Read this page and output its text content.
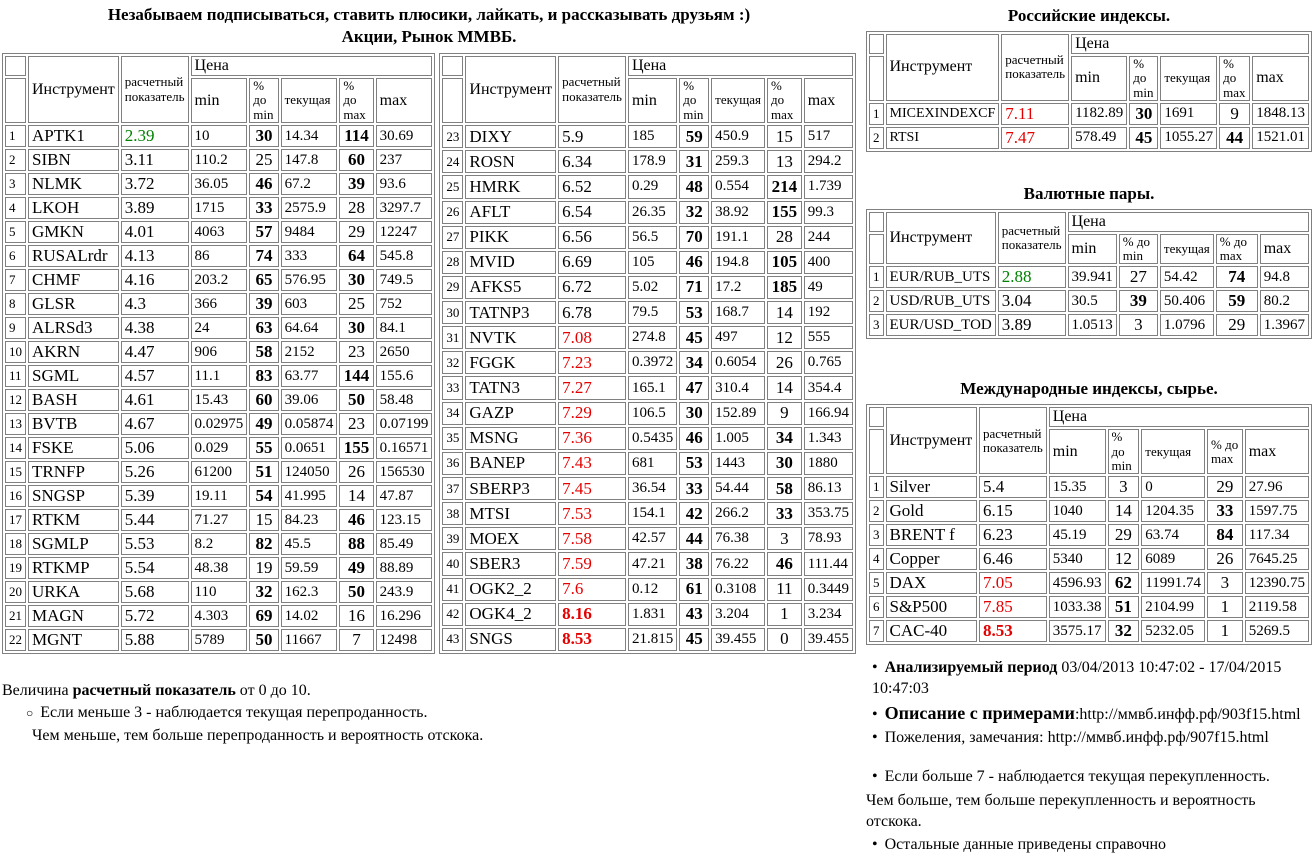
Незабываем подписываться, ставить плюсики, лайкать, и рассказывать друзьям :)
Акции, Рынок ММВБ.
	Инструмент	расчетный показатель	Цена				
			min	% до min	текущая	% до max	max
1	APTK1	2.39	10	30	14.34	114	30.69
2	SIBN	3.11	110.2	25	147.8	60	237
3	NLMK	3.72	36.05	46	67.2	39	93.6
4	LKOH	3.89	1715	33	2575.9	28	3297.7
5	GMKN	4.01	4063	57	9484	29	12247
6	RUSALrdr	4.13	86	74	333	64	545.8
7	CHMF	4.16	203.2	65	576.95	30	749.5
8	GLSR	4.3	366	39	603	25	752
9	ALRSd3	4.38	24	63	64.64	30	84.1
10	AKRN	4.47	906	58	2152	23	2650
11	SGML	4.57	11.1	83	63.77	144	155.6
12	BASH	4.61	15.43	60	39.06	50	58.48
13	BVTB	4.67	0.02975	49	0.05874	23	0.07199
14	FSKE	5.06	0.029	55	0.0651	155	0.16571
15	TRNFP	5.26	61200	51	124050	26	156530
16	SNGSP	5.39	19.11	54	41.995	14	47.87
17	RTKM	5.44	71.27	15	84.23	46	123.15
18	SGMLP	5.53	8.2	82	45.5	88	85.49
19	RTKMP	5.54	48.38	19	59.59	49	88.89
20	URKA	5.68	110	32	162.3	50	243.9
21	MAGN	5.72	4.303	69	14.02	16	16.296
22	MGNT	5.88	5789	50	11667	7	12498
	Инструмент	расчетный показатель	Цена				
			min	% до min	текущая	% до max	max
23	DIXY	5.9	185	59	450.9	15	517
24	ROSN	6.34	178.9	31	259.3	13	294.2
25	HMRK	6.52	0.29	48	0.554	214	1.739
26	AFLT	6.54	26.35	32	38.92	155	99.3
27	PIKK	6.56	56.5	70	191.1	28	244
28	MVID	6.69	105	46	194.8	105	400
29	AFKS5	6.72	5.02	71	17.2	185	49
30	TATNP3	6.78	79.5	53	168.7	14	192
31	NVTK	7.08	274.8	45	497	12	555
32	FGGK	7.23	0.3972	34	0.6054	26	0.765
33	TATN3	7.27	165.1	47	310.4	14	354.4
34	GAZP	7.29	106.5	30	152.89	9	166.94
35	MSNG	7.36	0.5435	46	1.005	34	1.343
36	BANEP	7.43	681	53	1443	30	1880
37	SBERP3	7.45	36.54	33	54.44	58	86.13
38	MTSI	7.53	154.1	42	266.2	33	353.75
39	MOEX	7.58	42.57	44	76.38	3	78.93
40	SBER3	7.59	47.21	38	76.22	46	111.44
41	OGK2_2	7.6	0.12	61	0.3108	11	0.3449
42	OGK4_2	8.16	1.831	43	3.204	1	3.234
43	SNGS	8.53	21.815	45	39.455	0	39.455
Величина расчетный показатель от 0 до 10.
○ Если меньше 3 - наблюдается текущая перепроданность.
Чем меньше, тем больше перепроданность и вероятность отскока.
Российские индексы.
	Инструмент	расчетный показатель	Цена				
			min	% до min	текущая	% до max	max
1	MICEXINDEXCF	7.11	1182.89	30	1691	9	1848.13
2	RTSI	7.47	578.49	45	1055.27	44	1521.01
Валютные пары.
	Инструмент	расчетный показатель	Цена				
			min	% до min	текущая	% до max	max
1	EUR/RUB_UTS	2.88	39.941	27	54.42	74	94.8
2	USD/RUB_UTS	3.04	30.5	39	50.406	59	80.2
3	EUR/USD_TOD	3.89	1.0513	3	1.0796	29	1.3967
Международные индексы, сырье.
	Инструмент	расчетный показатель	Цена				
			min	% до min	текущая	% до max	max
1	Silver	5.4	15.35	3	0	29	27.96
2	Gold	6.15	1040	14	1204.35	33	1597.75
3	BRENT f	6.23	45.19	29	63.74	84	117.34
4	Copper	6.46	5340	12	6089	26	7645.25
5	DAX	7.05	4596.93	62	11991.74	3	12390.75
6	S&P500	7.85	1033.38	51	2104.99	1	2119.58
7	CAC-40	8.53	3575.17	32	5232.05	1	5269.5
• Анализируемый период 03/04/2013 10:47:02 - 17/04/2015 10:47:03
• Описание с примерами:http://ммвб.инфф.рф/903f15.html
• Пожеления, замечания: http://ммвб.инфф.рф/907f15.html
• Если больше 7 - наблюдается текущая перекупленность.
Чем больше, тем больше перекупленность и вероятность отскока.
• Остальные данные приведены справочно
